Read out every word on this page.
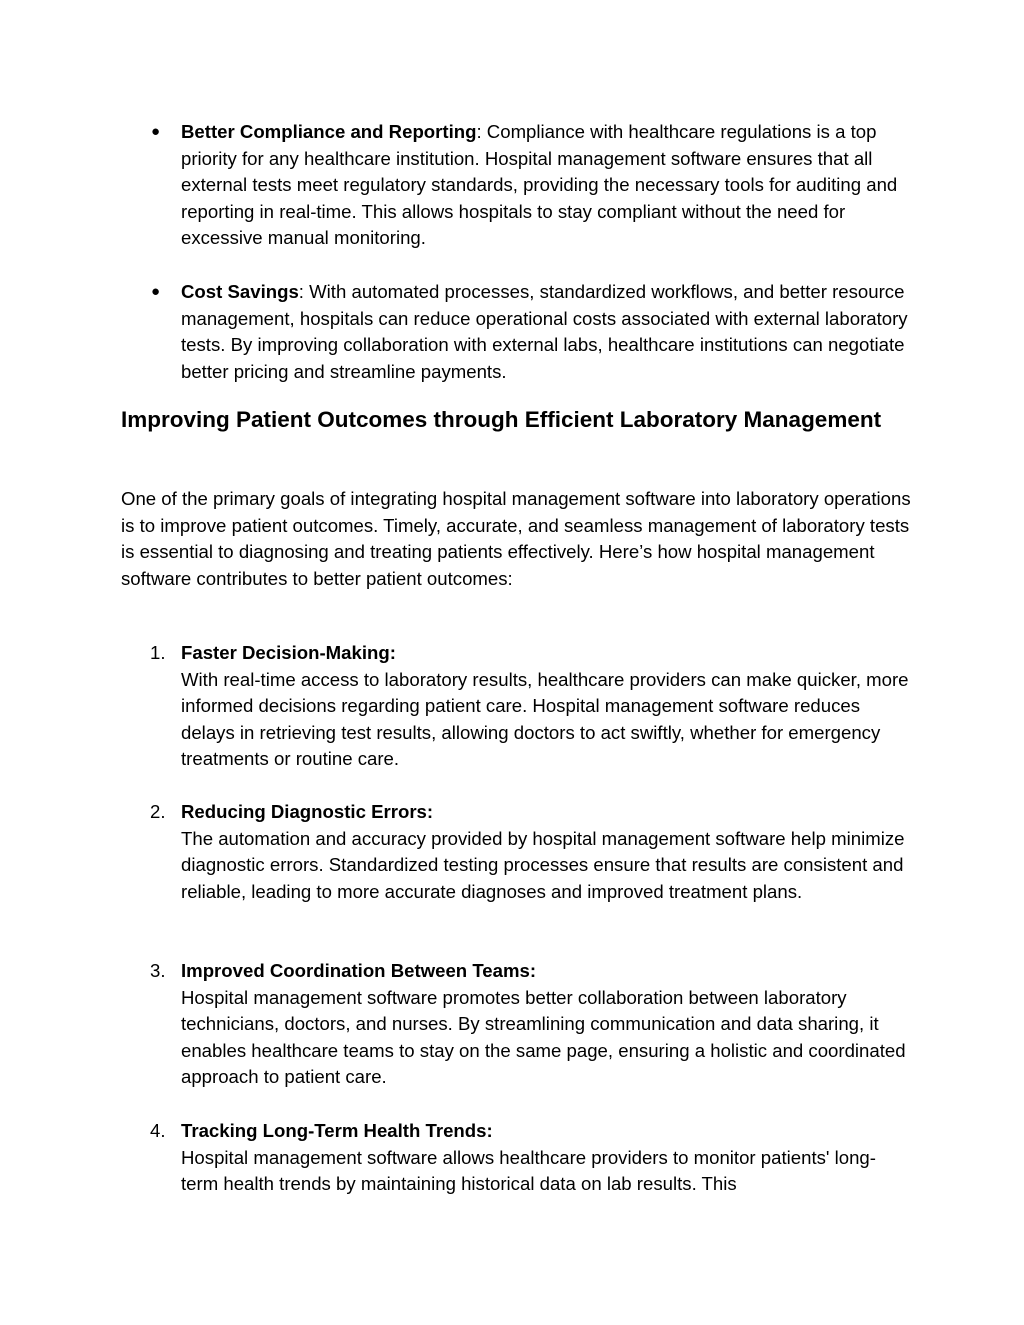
● Better Compliance and Reporting: Compliance with healthcare regulations is a top priority for any healthcare institution. Hospital management software ensures that all external tests meet regulatory standards, providing the necessary tools for auditing and reporting in real-time. This allows hospitals to stay compliant without the need for excessive manual monitoring.
● Cost Savings: With automated processes, standardized workflows, and better resource management, hospitals can reduce operational costs associated with external laboratory tests. By improving collaboration with external labs, healthcare institutions can negotiate better pricing and streamline payments.
Improving Patient Outcomes through Efficient Laboratory Management
One of the primary goals of integrating hospital management software into laboratory operations is to improve patient outcomes. Timely, accurate, and seamless management of laboratory tests is essential to diagnosing and treating patients effectively. Here’s how hospital management software contributes to better patient outcomes:
1. Faster Decision-Making:
With real-time access to laboratory results, healthcare providers can make quicker, more informed decisions regarding patient care. Hospital management software reduces delays in retrieving test results, allowing doctors to act swiftly, whether for emergency treatments or routine care.
2. Reducing Diagnostic Errors:
The automation and accuracy provided by hospital management software help minimize diagnostic errors. Standardized testing processes ensure that results are consistent and reliable, leading to more accurate diagnoses and improved treatment plans.
3. Improved Coordination Between Teams:
Hospital management software promotes better collaboration between laboratory technicians, doctors, and nurses. By streamlining communication and data sharing, it enables healthcare teams to stay on the same page, ensuring a holistic and coordinated approach to patient care.
4. Tracking Long-Term Health Trends:
Hospital management software allows healthcare providers to monitor patients' long-term health trends by maintaining historical data on lab results. This
